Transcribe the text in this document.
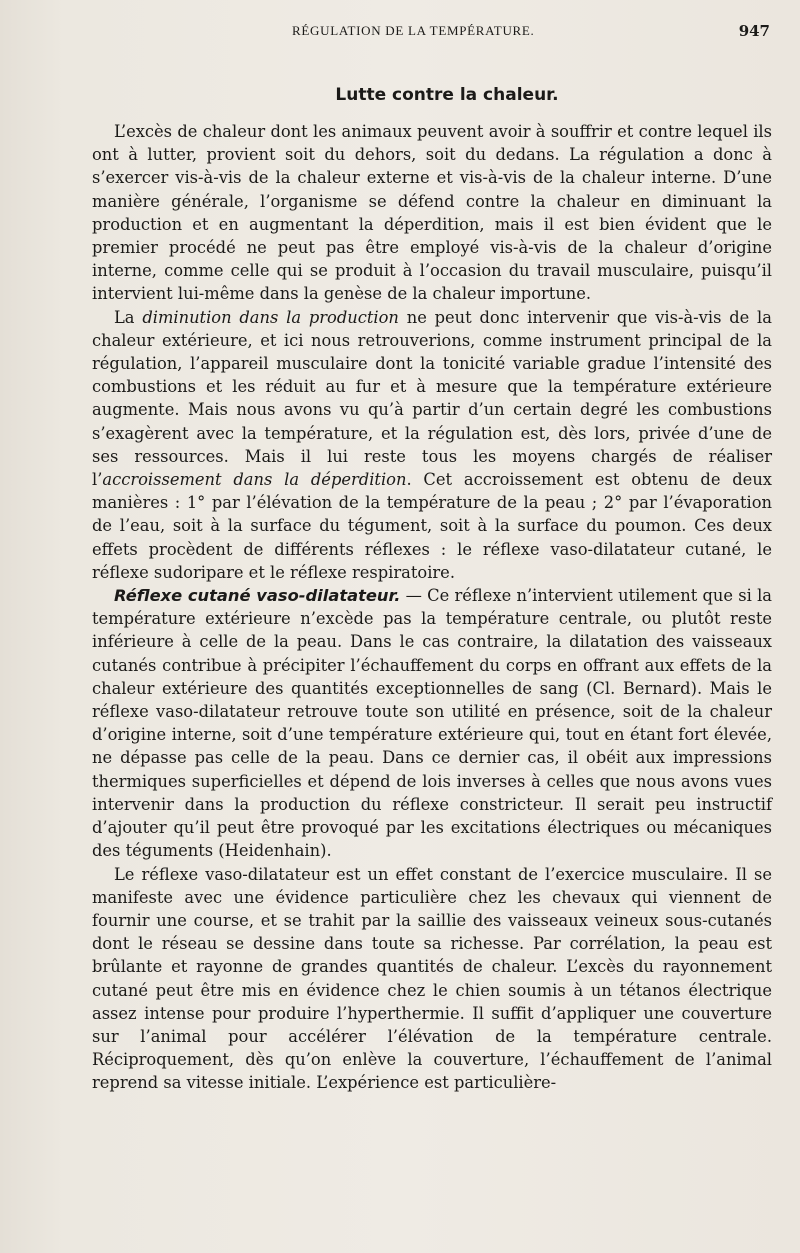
RÉGULATION DE LA TEMPÉRATURE.	947
Lutte contre la chaleur.

L’excès de chaleur dont les animaux peuvent avoir à souffrir et contre lequel ils ont à lutter, provient soit du dehors, soit du dedans. La régulation a donc à s’exercer vis-à-vis de la chaleur externe et vis-à-vis de la chaleur interne. D’une manière générale, l’organisme se défend contre la chaleur en diminuant la production et en augmentant la déperdition, mais il est bien évident que le premier procédé ne peut pas être employé vis-à-vis de la chaleur d’origine interne, comme celle qui se produit à l’occasion du travail musculaire, puisqu’il intervient lui-même dans la genèse de la chaleur importune.

La diminution dans la production ne peut donc intervenir que vis-à-vis de la chaleur extérieure, et ici nous retrouverions, comme instrument principal de la régulation, l’appareil musculaire dont la tonicité variable gradue l’intensité des combustions et les réduit au fur et à mesure que la température extérieure augmente. Mais nous avons vu qu’à partir d’un certain degré les combustions s’exagèrent avec la température, et la régulation est, dès lors, privée d’une de ses ressources. Mais il lui reste tous les moyens chargés de réaliser l’accroissement dans la déperdition. Cet accroissement est obtenu de deux manières : 1° par l’élévation de la température de la peau ; 2° par l’évaporation de l’eau, soit à la surface du tégument, soit à la surface du poumon. Ces deux effets procèdent de différents réflexes : le réflexe vaso-dilatateur cutané, le réflexe sudoripare et le réflexe respiratoire.

Réflexe cutané vaso-dilatateur. — Ce réflexe n’intervient utilement que si la température extérieure n’excède pas la température centrale, ou plutôt reste inférieure à celle de la peau. Dans le cas contraire, la dilatation des vaisseaux cutanés contribue à précipiter l’échauffement du corps en offrant aux effets de la chaleur extérieure des quantités exceptionnelles de sang (Cl. Bernard). Mais le réflexe vaso-dilatateur retrouve toute son utilité en présence, soit de la chaleur d’origine interne, soit d’une température extérieure qui, tout en étant fort élevée, ne dépasse pas celle de la peau. Dans ce dernier cas, il obéit aux impressions thermiques superficielles et dépend de lois inverses à celles que nous avons vues intervenir dans la production du réflexe constricteur. Il serait peu instructif d’ajouter qu’il peut être provoqué par les excitations électriques ou mécaniques des téguments (Heidenhain).

Le réflexe vaso-dilatateur est un effet constant de l’exercice musculaire. Il se manifeste avec une évidence particulière chez les chevaux qui viennent de fournir une course, et se trahit par la saillie des vaisseaux veineux sous-cutanés dont le réseau se dessine dans toute sa richesse. Par corrélation, la peau est brûlante et rayonne de grandes quantités de chaleur. L’excès du rayonnement cutané peut être mis en évidence chez le chien soumis à un tétanos électrique assez intense pour produire l’hyperthermie. Il suffit d’appliquer une couverture sur l’animal pour accélérer l’élévation de la température centrale. Réciproquement, dès qu’on enlève la couverture, l’échauffement de l’animal reprend sa vitesse initiale. L’expérience est particulière-
